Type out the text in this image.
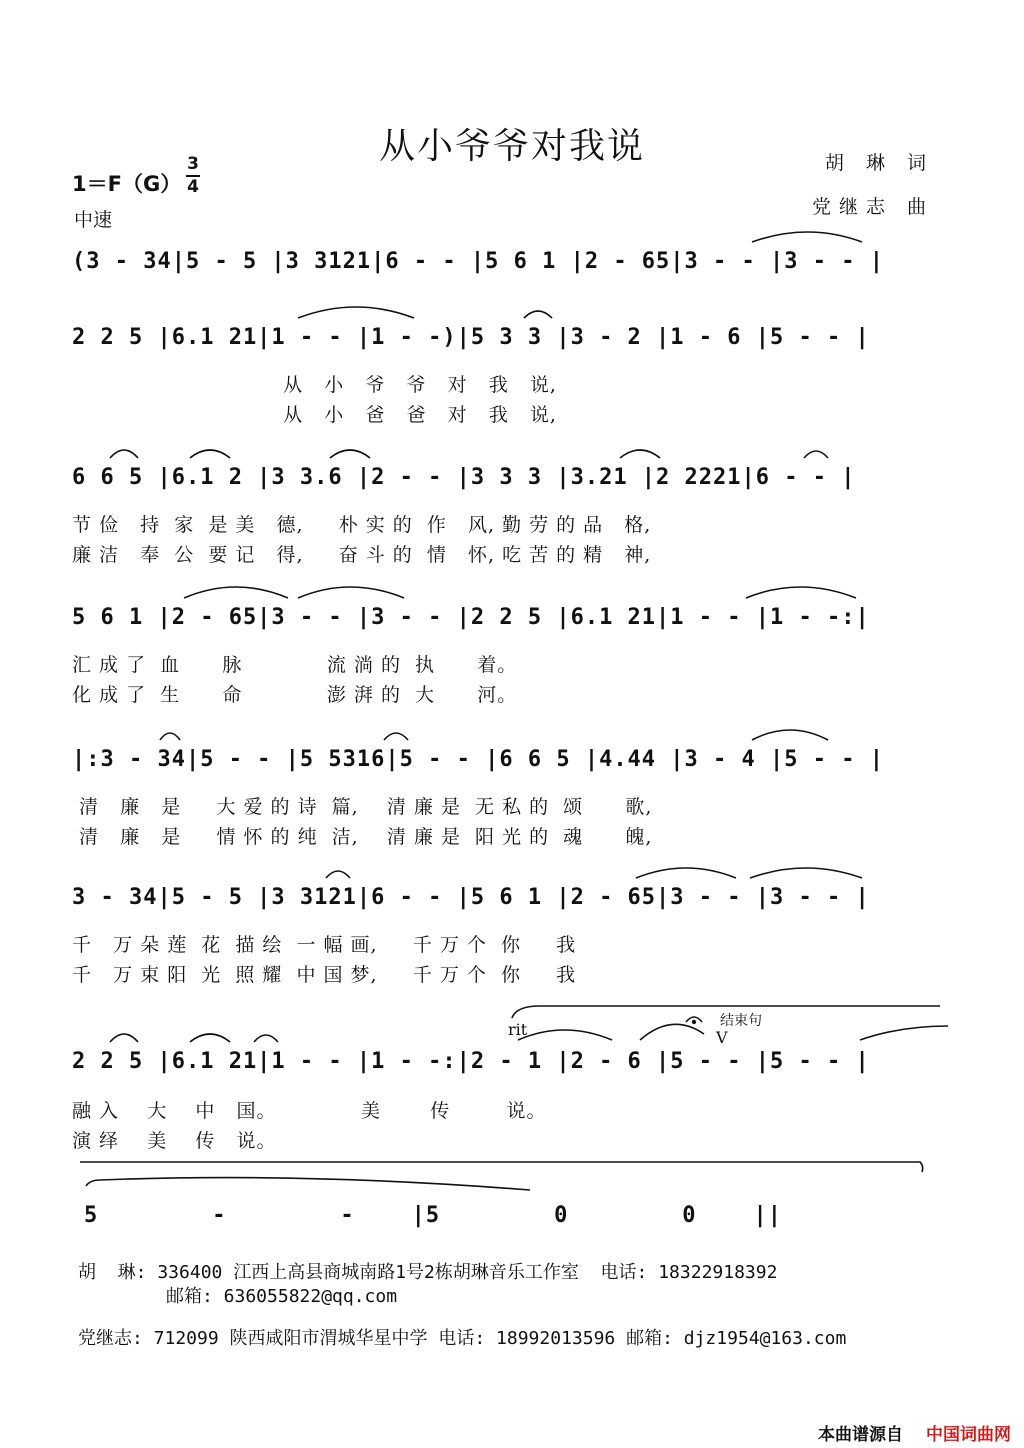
从小爷爷对我说	胡 琳 词
党继志 曲
1＝F（G）
3
4
中速
(3 - 34|5 - 5 |3 3121|6 - - |5 6 1 |2 - 65|3 - - |3 - - |
2 2 5 |6.1 21|1 - - |1 - -)|5 3 3 |3 - 2 |1 - 6 |5 - - |
从   小   爷   爷   对   我   说,
从   小   爸   爸   对   我   说,
6 6 5 |6.1 2 |3 3.6 |2 - - |3 3 3 |3.21 |2 2221|6 - - |
节 俭   持  家  是 美   德,     朴 实 的  作   风, 勤 劳 的 品   格,
廉 洁   奉  公  要 记   得,     奋 斗 的  情   怀, 吃 苦 的 精   神,
5 6 1 |2 - 65|3 - - |3 - - |2 2 5 |6.1 21|1 - - |1 - -:|
汇 成 了  血      脉            流 淌 的  执      着。
化 成 了  生      命            澎 湃 的  大      河。
|:3 - 34|5 - - |5 5316|5 - - |6 6 5 |4.44 |3 - 4 |5 - - |
清   廉   是     大 爱 的 诗  篇,    清 廉 是  无 私 的  颂      歌,
清   廉   是     情 怀 的 纯  洁,    清 廉 是  阳 光 的  魂      魄,
3 - 34|5 - 5 |3 3121|6 - - |5 6 1 |2 - 65|3 - - |3 - - |
千   万 朵 莲  花  描 绘  一 幅 画,     千 万 个  你     我
千   万 束 阳  光  照 耀  中 国 梦,     千 万 个  你     我
rit	结束句
V
2 2 5 |6.1 21|1 - - |1 - -:|2 - 1 |2 - 6 |5 - - |5 - - |
融 入    大    中   国。            美       传        说。
演 绎    美    传   说。
5        -        -    |5        0        0    ||
胡  琳: 336400 江西上高县商城南路1号2栋胡琳音乐工作室  电话: 18322918392
邮箱: 636055822@qq.com
党继志: 712099 陕西咸阳市渭城华星中学 电话: 18992013596 邮箱: djz1954@163.com
本曲谱源自 中国词曲网
